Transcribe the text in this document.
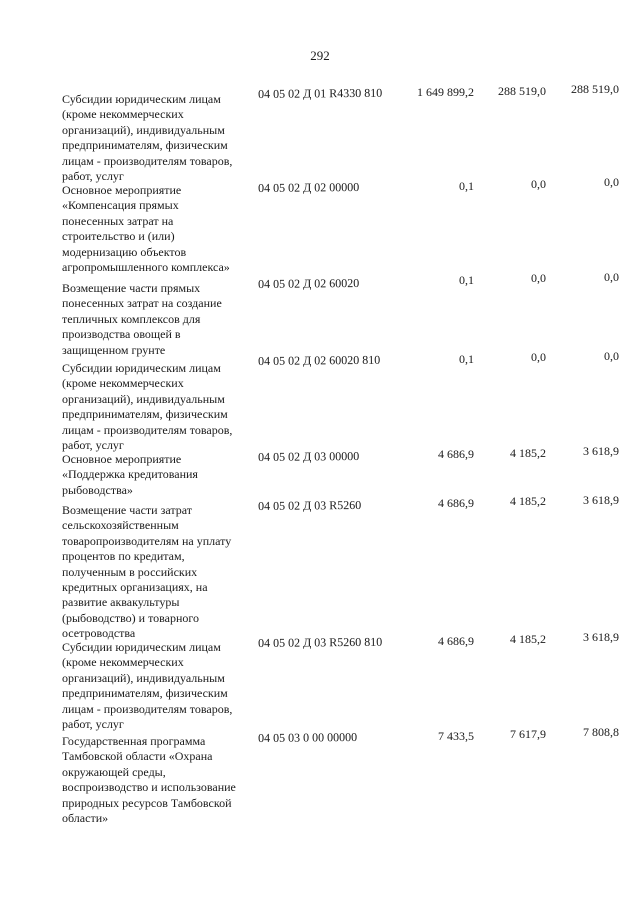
292
Субсидии юридическим лицам
(кроме некоммерческих
организаций), индивидуальным
предпринимателям, физическим
лицам - производителям товаров,
работ, услуг
04 05 02 Д 01 R4330 810	1 649 899,2	288 519,0	288 519,0
Основное мероприятие
«Компенсация прямых
понесенных затрат на
строительство и (или)
модернизацию объектов
агропромышленного комплекса»
04 05 02 Д 02 00000	0,1	0,0	0,0
Возмещение части прямых
понесенных затрат на создание
тепличных комплексов для
производства овощей в
защищенном грунте
04 05 02 Д 02 60020	0,1	0,0	0,0
Субсидии юридическим лицам
(кроме некоммерческих
организаций), индивидуальным
предпринимателям, физическим
лицам - производителям товаров,
работ, услуг
04 05 02 Д 02 60020 810	0,1	0,0	0,0
Основное мероприятие
«Поддержка кредитования
рыбоводства»
04 05 02 Д 03 00000	4 686,9	4 185,2	3 618,9
Возмещение части затрат
сельскохозяйственным
товаропроизводителям на уплату
процентов по кредитам,
полученным в российских
кредитных организациях, на
развитие аквакультуры
(рыбоводство) и товарного
осетроводства
04 05 02 Д 03 R5260	4 686,9	4 185,2	3 618,9
Субсидии юридическим лицам
(кроме некоммерческих
организаций), индивидуальным
предпринимателям, физическим
лицам - производителям товаров,
работ, услуг
04 05 02 Д 03 R5260 810	4 686,9	4 185,2	3 618,9
Государственная программа
Тамбовской области «Охрана
окружающей среды,
воспроизводство и использование
природных ресурсов Тамбовской
области»
04 05 03 0 00 00000	7 433,5	7 617,9	7 808,8
